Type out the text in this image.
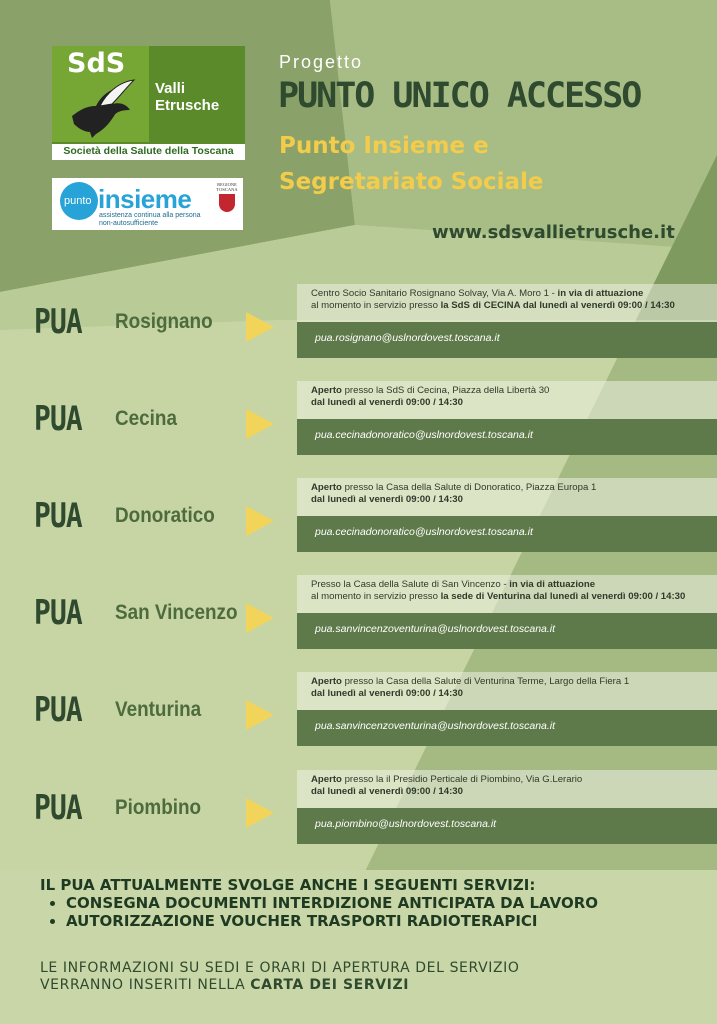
SdS
Valli
Etrusche
Società della Salute della Toscana
punto insieme
assistenza continua alla persona non-autosufficiente
REGIONE TOSCANA
Progetto
PUNTO UNICO ACCESSO
Punto Insieme e
Segretariato Sociale
www.sdsvallietrusche.it
PUA Rosignano
Centro Socio Sanitario Rosignano Solvay, Via A. Moro 1 - in via di attuazione
al momento in servizio presso la SdS di CECINA dal lunedì al venerdì 09:00 / 14:30
pua.rosignano@uslnordovest.toscana.it
PUA Cecina
Aperto presso la SdS di Cecina, Piazza della Libertà 30
dal lunedì al venerdì 09:00 / 14:30
pua.cecinadonoratico@uslnordovest.toscana.it
PUA Donoratico
Aperto presso la Casa della Salute di Donoratico, Piazza Europa 1
dal lunedì al venerdì 09:00 / 14:30
pua.cecinadonoratico@uslnordovest.toscana.it
PUA San Vincenzo
Presso la Casa della Salute di San Vincenzo - in via di attuazione
al momento in servizio presso la sede di Venturina dal lunedì al venerdì 09:00 / 14:30
pua.sanvincenzoventurina@uslnordovest.toscana.it
PUA Venturina
Aperto presso la Casa della Salute di Venturina Terme, Largo della Fiera 1
dal lunedì al venerdì 09:00 / 14:30
pua.sanvincenzoventurina@uslnordovest.toscana.it
PUA Piombino
Aperto presso la il Presidio Perticale di Piombino, Via G.Lerario
dal lunedì al venerdì 09:00 / 14:30
pua.piombino@uslnordovest.toscana.it
IL PUA ATTUALMENTE SVOLGE ANCHE I SEGUENTI SERVIZI:
• CONSEGNA DOCUMENTI INTERDIZIONE ANTICIPATA DA LAVORO
• AUTORIZZAZIONE VOUCHER TRASPORTI RADIOTERAPICI
LE INFORMAZIONI SU SEDI E ORARI DI APERTURA DEL SERVIZIO
VERRANNO INSERITI NELLA CARTA DEI SERVIZI
